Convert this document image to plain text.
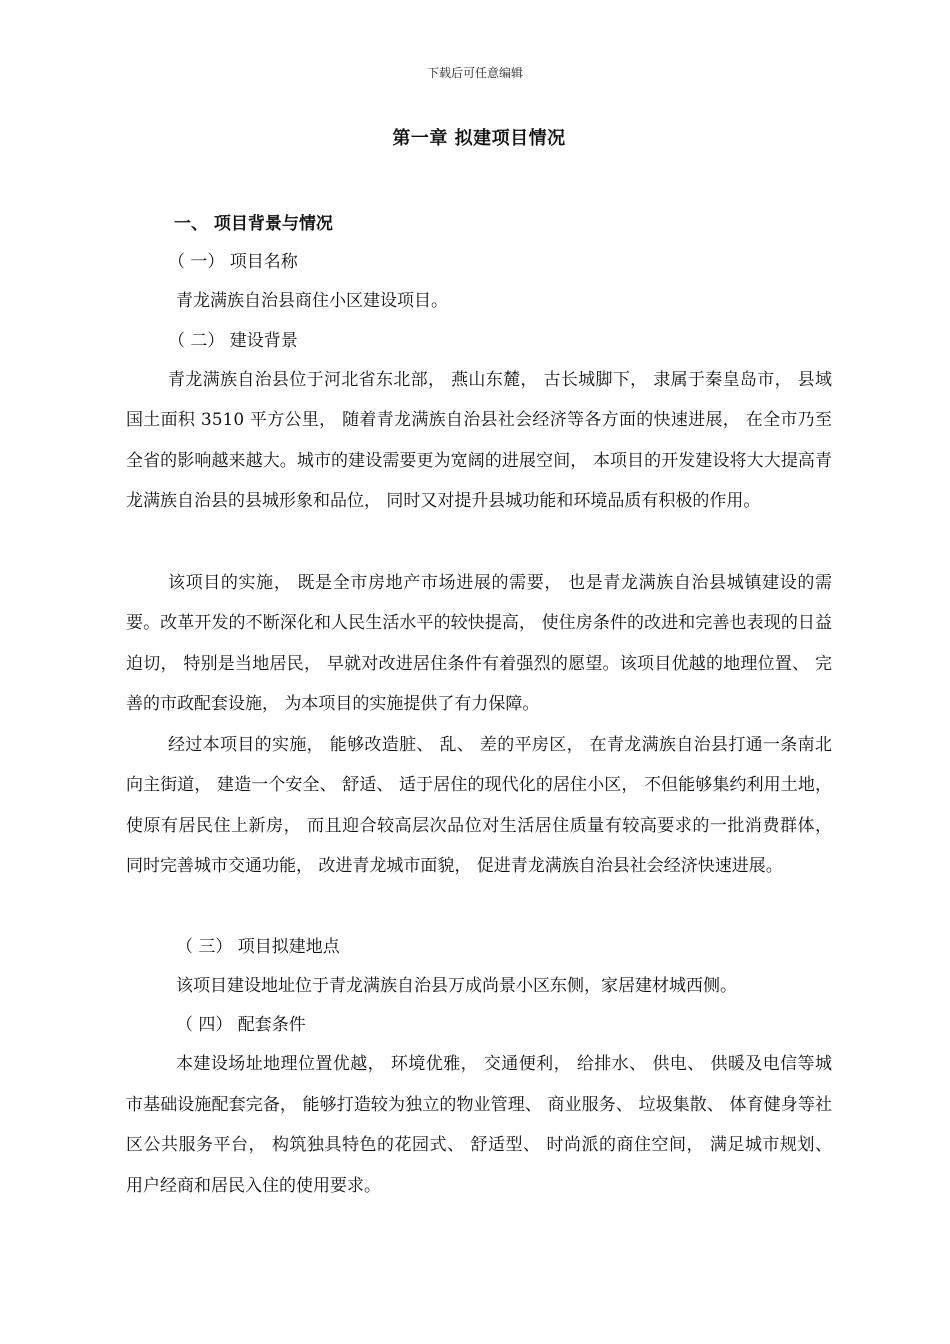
下载后可任意编辑
第一章 拟建项目情况
一、 项目背景与情况
（ 一） 项目名称
青龙满族自治县商住小区建设项目。
（ 二） 建设背景
青龙满族自治县位于河北省东北部， 燕山东麓， 古长城脚下， 隶属于秦皇岛市， 县域国土面积 3510 平方公里， 随着青龙满族自治县社会经济等各方面的快速进展， 在全市乃至全省的影响越来越大。城市的建设需要更为宽阔的进展空间， 本项目的开发建设将大大提高青龙满族自治县的县城形象和品位， 同时又对提升县城功能和环境品质有积极的作用。
该项目的实施， 既是全市房地产市场进展的需要， 也是青龙满族自治县城镇建设的需要。改革开发的不断深化和人民生活水平的较快提高， 使住房条件的改进和完善也表现的日益迫切， 特别是当地居民， 早就对改进居住条件有着强烈的愿望。该项目优越的地理位置、 完善的市政配套设施， 为本项目的实施提供了有力保障。
经过本项目的实施， 能够改造脏、 乱、 差的平房区， 在青龙满族自治县打通一条南北向主街道， 建造一个安全、 舒适、 适于居住的现代化的居住小区， 不但能够集约利用土地， 使原有居民住上新房， 而且迎合较高层次品位对生活居住质量有较高要求的一批消费群体， 同时完善城市交通功能， 改进青龙城市面貌， 促进青龙满族自治县社会经济快速进展。
（ 三） 项目拟建地点
该项目建设地址位于青龙满族自治县万成尚景小区东侧，家居建材城西侧。
（ 四） 配套条件
本建设场址地理位置优越， 环境优雅， 交通便利， 给排水、 供电、 供暖及电信等城市基础设施配套完备， 能够打造较为独立的物业管理、 商业服务、 垃圾集散、 体育健身等社区公共服务平台， 构筑独具特色的花园式、 舒适型、 时尚派的商住空间， 满足城市规划、 用户经商和居民入住的使用要求。
